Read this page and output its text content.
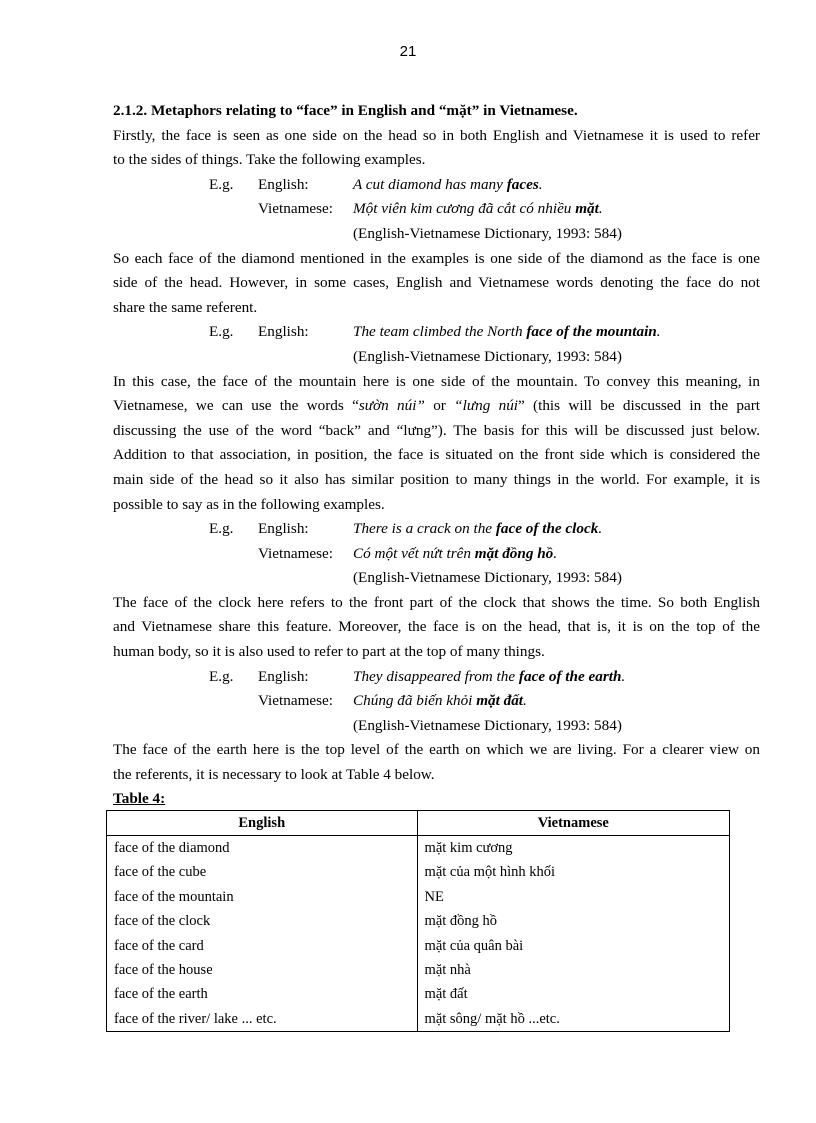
21
2.1.2. Metaphors relating to “face” in English and “mặt” in Vietnamese.
Firstly, the face is seen as one side on the head so in both English and Vietnamese it is used to refer
to the sides of things. Take the following examples.
E.g. English:	A cut diamond has many faces.
Vietnamese: Một viên kim cương đã cắt có nhiều mặt.
(English-Vietnamese Dictionary, 1993: 584)
So each face of the diamond mentioned in the examples is one side of the diamond as the face is one
side of the head. However, in some cases, English and Vietnamese words denoting the face do not
share the same referent.
E.g. English:	The team climbed the North face of the mountain.
(English-Vietnamese Dictionary, 1993: 584)
In this case, the face of the mountain here is one side of the mountain. To convey this meaning, in
Vietnamese, we can use the words “sườn núi” or “lưng núi” (this will be discussed in the part
discussing the use of the word “back” and “lưng”). The basis for this will be discussed just below.
Addition to that association, in position, the face is situated on the front side which is considered the
main side of the head so it also has similar position to many things in the world. For example, it is
possible to say as in the following examples.
E.g. English:	There is a crack on the face of the clock.
Vietnamese: Có một vết nứt trên mặt đồng hồ.
(English-Vietnamese Dictionary, 1993: 584)
The face of the clock here refers to the front part of the clock that shows the time. So both English
and Vietnamese share this feature. Moreover, the face is on the head, that is, it is on the top of the
human body, so it is also used to refer to part at the top of many things.
E.g. English:	They disappeared from the face of the earth.
Vietnamese: Chúng đã biến khỏi mặt đất.
(English-Vietnamese Dictionary, 1993: 584)
The face of the earth here is the top level of the earth on which we are living. For a clearer view on
the referents, it is necessary to look at Table 4 below.
Table 4:
English	Vietnamese
face of the diamond	mặt kim cương
face of the cube	mặt của một hình khối
face of the mountain	NE
face of the clock	mặt đồng hồ
face of the card	mặt của quân bài
face of the house	mặt nhà
face of the earth	mặt đất
face of the river/ lake ... etc.	mặt sông/ mặt hồ ...etc.
